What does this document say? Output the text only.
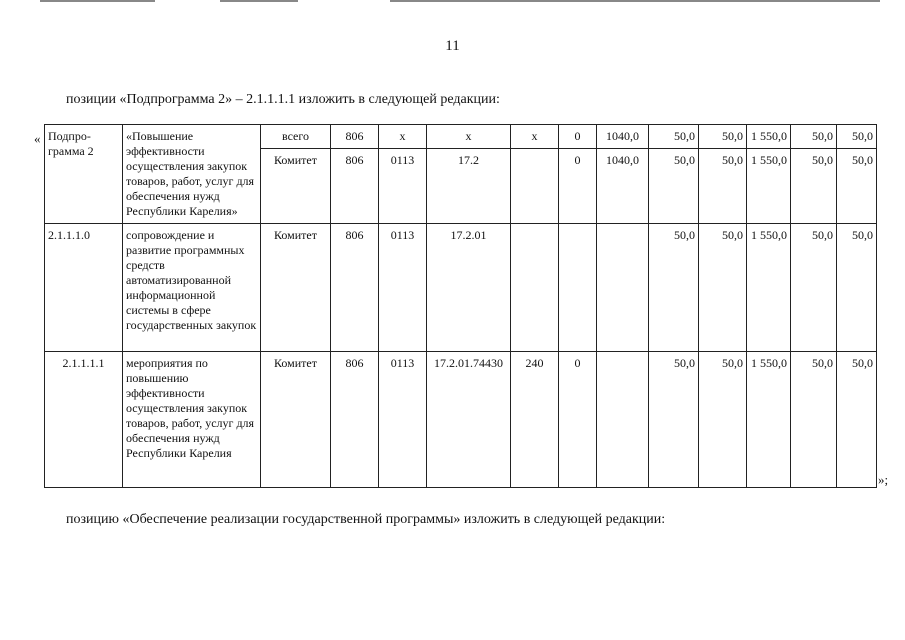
11
позиции «Подпрограмма 2» – 2.1.1.1.1 изложить в следующей редакции:
« Подпро-грамма 2	«Повышение эффективности осуществления закупок товаров, работ, услуг для обеспечения нужд Республики Карелия»	всего	806	х	х	х	0	1040,0	50,0	50,0	1 550,0	50,0	50,0
		Комитет	806	0113	17.2		0	1040,0	50,0	50,0	1 550,0	50,0	50,0
2.1.1.1.0	сопровождение и развитие программных средств автоматизированной информационной системы в сфере государственных закупок	Комитет	806	0113	17.2.01				50,0	50,0	1 550,0	50,0	50,0
2.1.1.1.1	мероприятия по повышению эффективности осуществления закупок товаров, работ, услуг для обеспечения нужд Республики Карелия	Комитет	806	0113	17.2.01.74430	240	0		50,0	50,0	1 550,0	50,0	50,0
»;
позицию «Обеспечение реализации государственной программы» изложить в следующей редакции:
